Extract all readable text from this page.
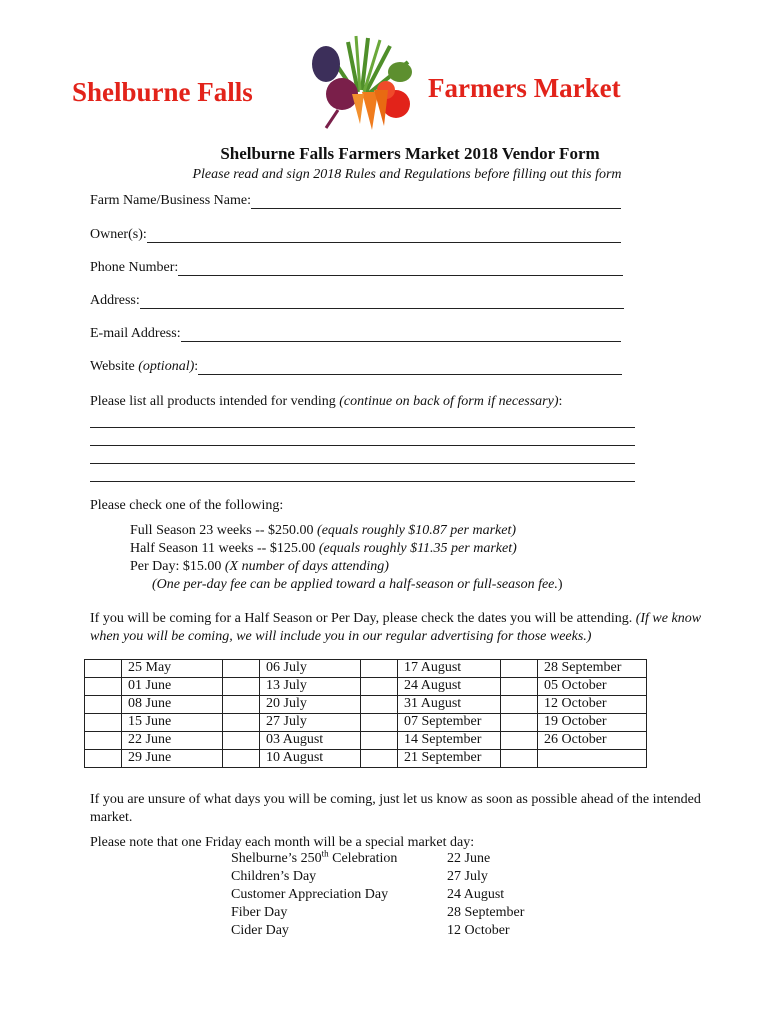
Shelburne Falls	Farmers Market
Shelburne Falls Farmers Market 2018 Vendor Form
Please read and sign 2018 Rules and Regulations before filling out this form
Farm Name/Business Name:
Owner(s):
Phone Number:
Address:
E-mail Address:
Website
(optional) :
Please list all products intended for vending (continue on back of form if necessary):
Please check one of the following:
Full Season 23 weeks -- $250.00 (equals roughly $10.87 per market)
Half Season 11 weeks -- $125.00 (equals roughly $11.35 per market)
Per Day: $15.00 (X number of days attending)
(One per-day fee can be applied toward a half-season or full-season fee.)
If you will be coming for a Half Season or Per Day, please check the dates you will be attending. (If we know when you will be coming, we will include you in our regular advertising for those weeks.)
	25 May		06 July		17 August		28 September
	01 June		13 July		24 August		05 October
	08 June		20 July		31 August		12 October
	15 June		27 July		07 September		19 October
	22 June		03 August		14 September		26 October
	29 June		10 August		21 September		
If you are unsure of what days you will be coming, just let us know as soon as possible ahead of the intended market.
Please note that one Friday each month will be a special market day:
Shelburne’s 250th Celebration	22 June
Children’s Day	27 July
Customer Appreciation Day	24 August
Fiber Day	28 September
Cider Day	12 October
